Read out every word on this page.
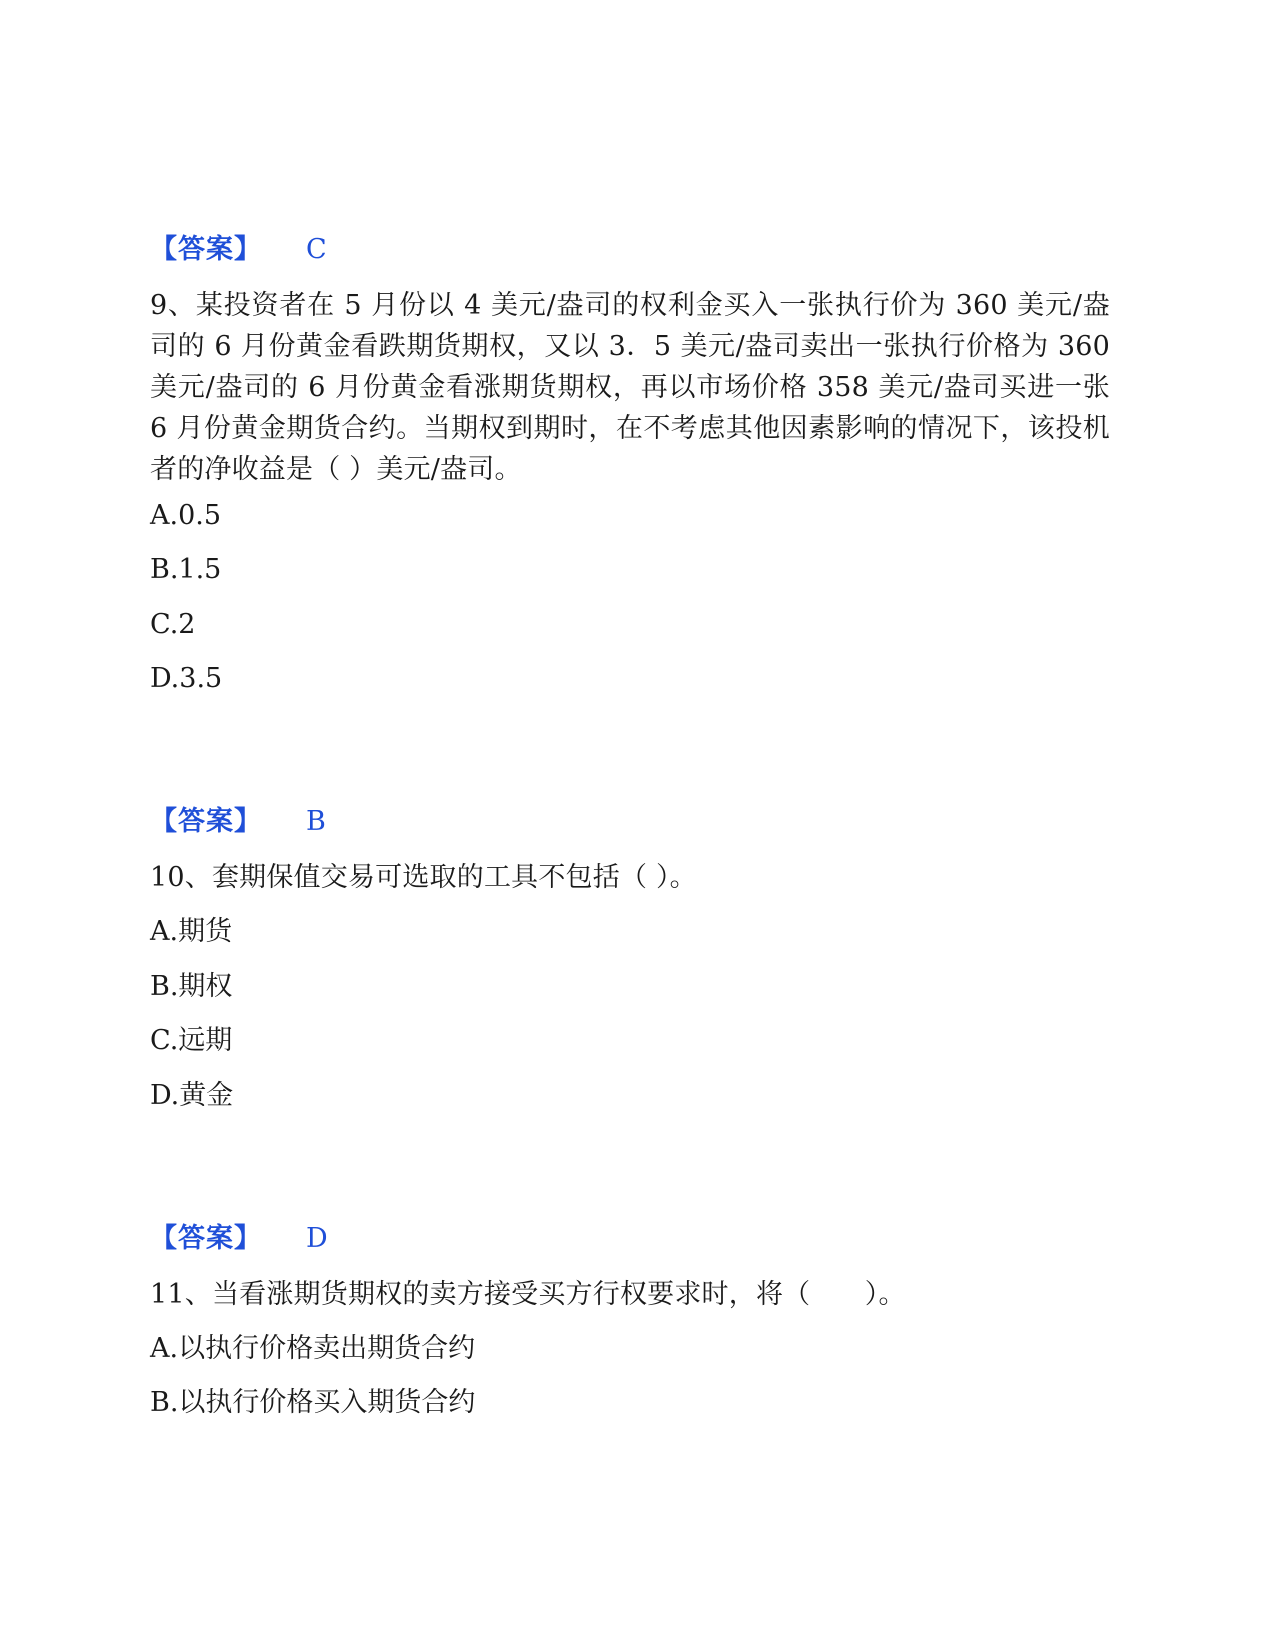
【答案】 C

9、某投资者在 5 月份以 4 美元/盎司的权利金买入一张执行价为 360 美元/盎司的 6 月份黄金看跌期货期权，又以 3．5 美元/盎司卖出一张执行价格为 360 美元/盎司的 6 月份黄金看涨期货期权，再以市场价格 358 美元/盎司买进一张 6 月份黄金期货合约。当期权到期时，在不考虑其他因素影响的情况下，该投机者的净收益是（ ）美元/盎司。

A.0.5
B.1.5
C.2
D.3.5
【答案】 B

10、套期保值交易可选取的工具不包括（ ）。

A.期货
B.期权
C.远期
D.黄金
【答案】 D

11、当看涨期货期权的卖方接受买方行权要求时，将（　　）。

A.以执行价格卖出期货合约
B.以执行价格买入期货合约
